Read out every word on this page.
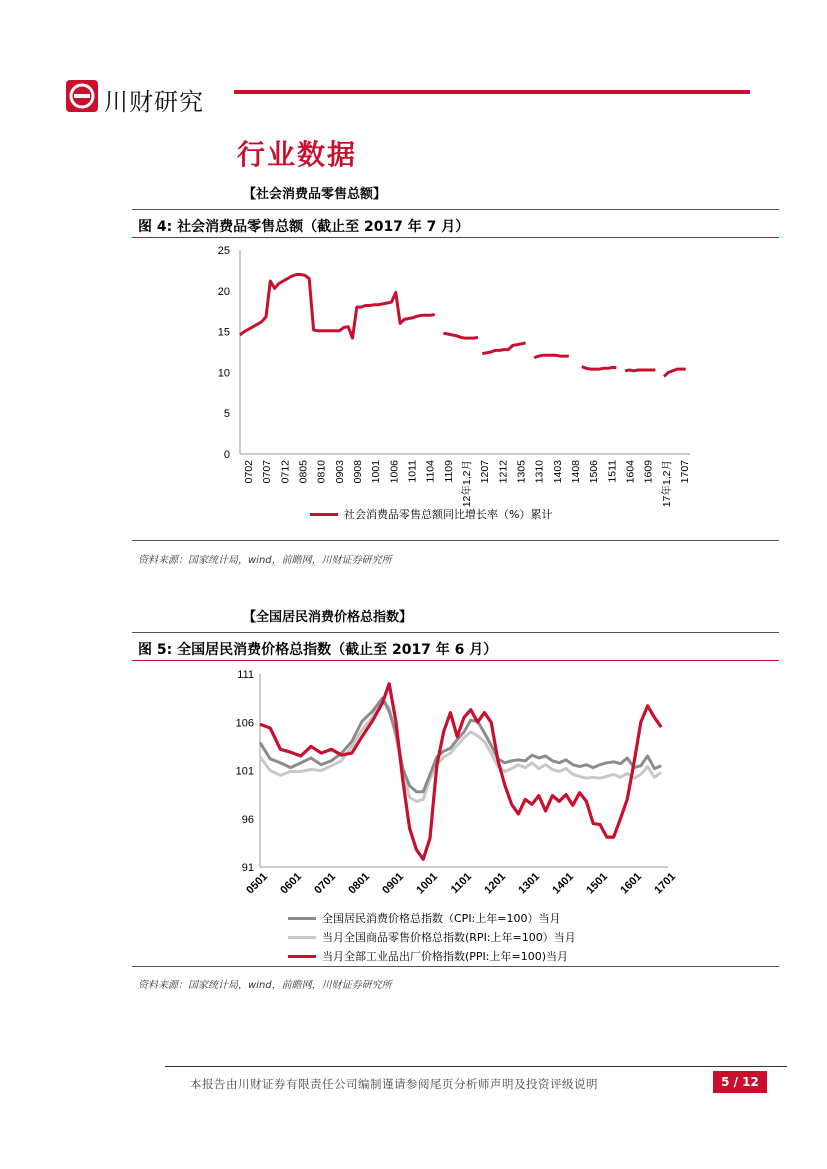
川财研究
行业数据
【社会消费品零售总额】
图 4: 社会消费品零售总额（截止至 2017 年 7 月）
0
5
10
15
20
25
0702 0707 0712 0805 0810 0903 0908 1001 1006 1011 1104 1109 12年1,2月 1207 1212 1305 1310 1403 1408 1506 1511 1604 1609 17年1,2月 1707
社会消费品零售总额同比增长率（%）累计
资料来源：国家统计局，wind，前瞻网，川财证券研究所
【全国居民消费价格总指数】
图 5: 全国居民消费价格总指数（截止至 2017 年 6 月）
91
96
101
106
111
0501 0601 0701 0801 0901 1001 1101 1201 1301 1401 1501 1601 1701
全国居民消费价格总指数（CPI:上年=100）当月
当月全国商品零售价格总指数(RPI:上年=100）当月
当月全部工业品出厂价格指数(PPI:上年=100)当月
资料来源：国家统计局，wind，前瞻网，川财证券研究所
本报告由川财证券有限责任公司编制谨请参阅尾页分析师声明及投资评级说明	5 / 12
